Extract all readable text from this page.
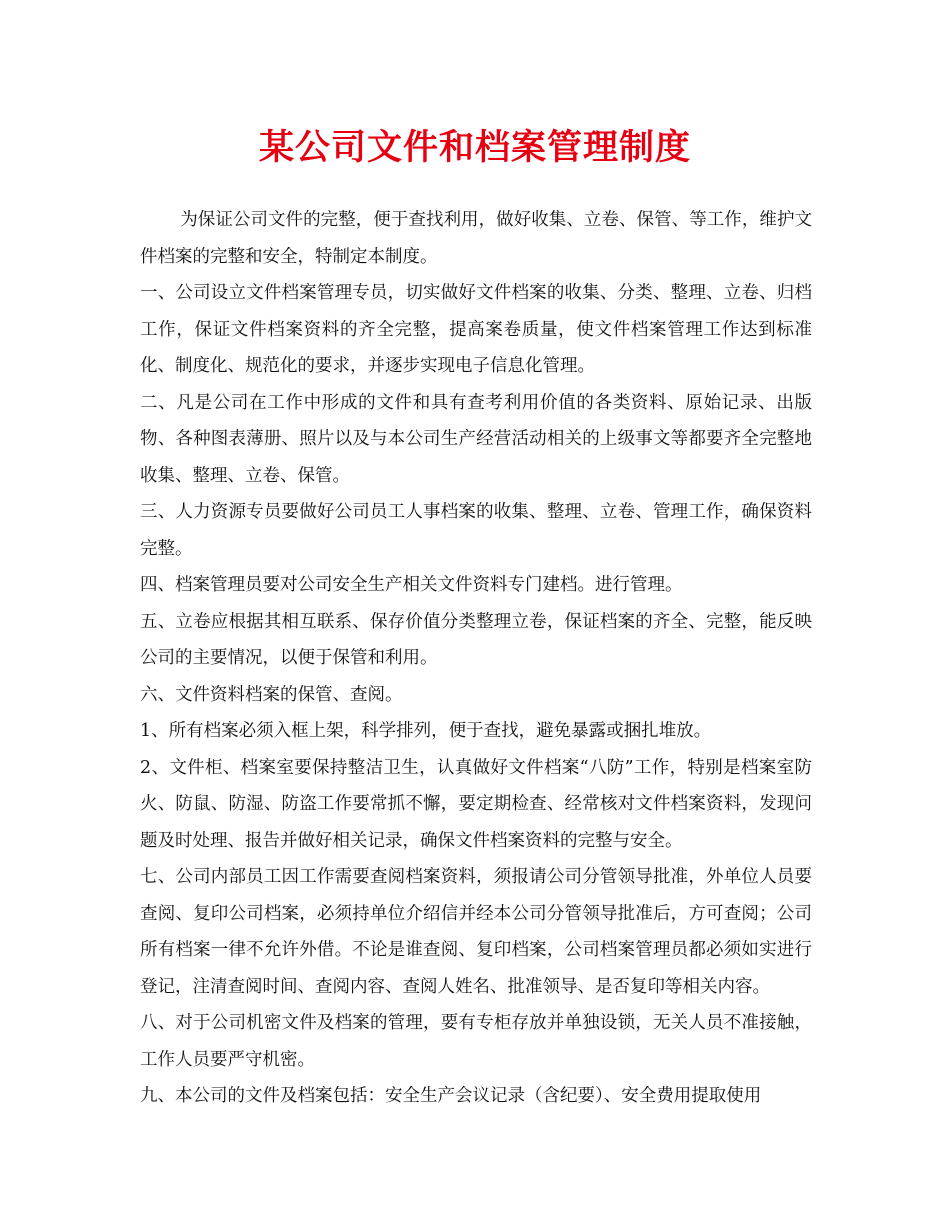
某公司文件和档案管理制度

为保证公司文件的完整，便于查找利用，做好收集、立卷、保管、等工作，维护文件档案的完整和安全，特制定本制度。

一、公司设立文件档案管理专员，切实做好文件档案的收集、分类、整理、立卷、归档工作，保证文件档案资料的齐全完整，提高案卷质量，使文件档案管理工作达到标准化、制度化、规范化的要求，并逐步实现电子信息化管理。

二、凡是公司在工作中形成的文件和具有查考利用价值的各类资料、原始记录、出版物、各种图表薄册、照片以及与本公司生产经营活动相关的上级事文等都要齐全完整地收集、整理、立卷、保管。

三、人力资源专员要做好公司员工人事档案的收集、整理、立卷、管理工作，确保资料完整。

四、档案管理员要对公司安全生产相关文件资料专门建档。进行管理。

五、立卷应根据其相互联系、保存价值分类整理立卷，保证档案的齐全、完整，能反映公司的主要情况，以便于保管和利用。

六、文件资料档案的保管、查阅。

1、所有档案必须入框上架，科学排列，便于查找，避免暴露或捆扎堆放。

2、文件柜、档案室要保持整洁卫生，认真做好文件档案“八防”工作，特别是档案室防火、防鼠、防湿、防盗工作要常抓不懈，要定期检查、经常核对文件档案资料，发现问题及时处理、报告并做好相关记录，确保文件档案资料的完整与安全。

七、公司内部员工因工作需要查阅档案资料，须报请公司分管领导批准，外单位人员要查阅、复印公司档案，必须持单位介绍信并经本公司分管领导批准后，方可查阅；公司所有档案一律不允许外借。不论是谁查阅、复印档案，公司档案管理员都必须如实进行登记，注清查阅时间、查阅内容、查阅人姓名、批准领导、是否复印等相关内容。

八、对于公司机密文件及档案的管理，要有专柜存放并单独设锁，无关人员不准接触，工作人员要严守机密。

九、本公司的文件及档案包括：安全生产会议记录（含纪要）、安全费用提取使用
